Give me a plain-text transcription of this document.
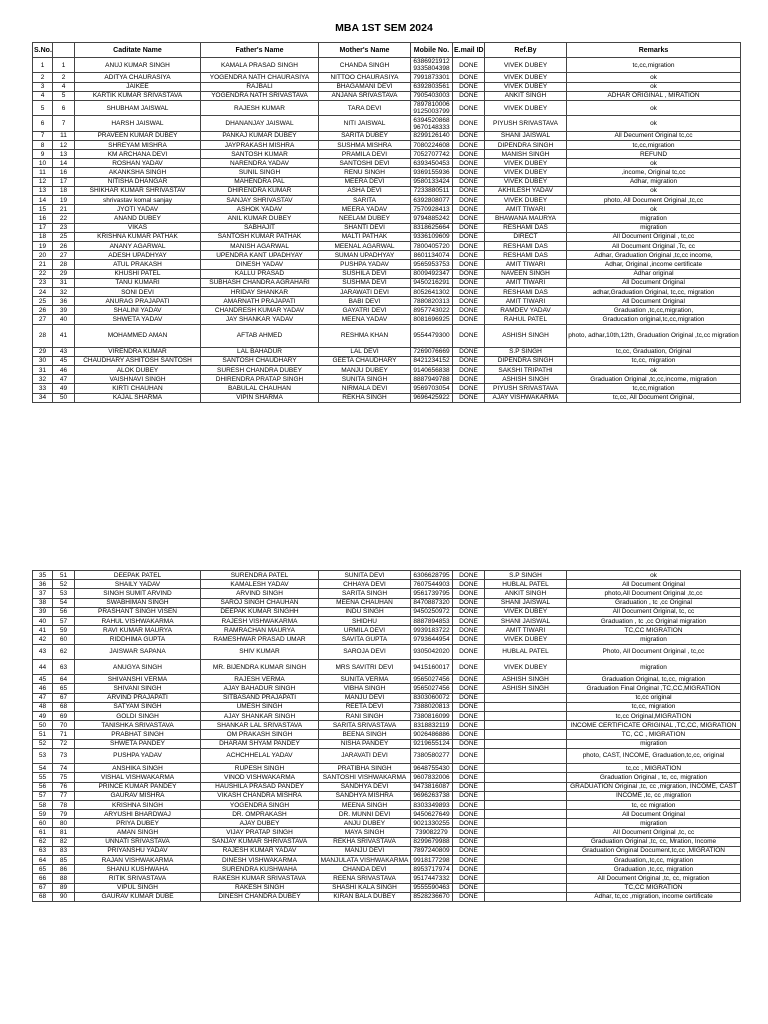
MBA 1ST SEM 2024
S.No.		Caditate Name	Father's Name	Mother's Name	Mobile No.	E.mail ID	Ref.By	Remarks
1	1	ANUJ KUMAR SINGH	KAMALA PRASAD SINGH	CHANDA SINGH	6386921912 9335804398	DONE	VIVEK DUBEY	tc,cc,migration
2	2	ADITYA CHAURASIYA	YOGENDRA NATH CHAURASIYA	NITTOO CHAURASIYA	7991873301	DONE	VIVEK DUBEY	ok
3	4	JAIKEE	RAJBALI	BHAGAMANI DEVI	6392803561	DONE	VIVEK DUBEY	ok
4	5	KARTIK KUMAR SRIVASTAVA	YOGENDRA NATH SRIVASTAVA	ANJANA SRIVASTAVA	7905403003	DONE	ANKIT SINGH	ADHAR ORIGINAL , MIRATION
5	6	SHUBHAM JAISWAL	RAJESH KUMAR	TARA DEVI	7897810006 9125003799	DONE	VIVEK DUBEY	ok
6	7	HARSH JAISWAL	DHANANJAY JAISWAL	NITI JAISWAL	6394520868 9670148333	DONE	PIYUSH SRIVASTAVA	ok
7	11	PRAVEEN KUMAR DUBEY	PANKAJ KUMAR DUBEY	SARITA DUBEY	8299126140	DONE	SHANI JAISWAL	All Decument Original tc,cc
8	12	SHREYAM MISHRA	JAYPRAKASH MISHRA	SUSHMA MISHRA	7080224608	DONE	DIPENDRA SINGH	tc,cc,migration
9	13	KM ARCHANA DEVI	SANTOSH KUMAR	PRAMILA DEVI	7052707742	DONE	MANISH SINGH	REFUND
10	14	ROSHAN YADAV	NARENDRA YADAV	SANTOSHI DEVI	6393450453	DONE	VIVEK DUBEY	ok
11	16	AKANKSHA SINGH	SUNIL SINGH	RENU SINGH	9369155936	DONE	VIVEK DUBEY	,income, Original tc,cc
12	17	NITISHA DHANGAR	MAHENDRA PAL	MEERA DEVI	9580133424	DONE	VIVEK DUBEY	Adhar, migration
13	18	SHIKHAR KUMAR SHRIVASTAV	DHIRENDRA KUMAR	ASHA DEVI	7233880511	DONE	AKHILESH YADAV	ok
14	19	shrivastav komal sanjay	SANJAY SHRIVASTAV	SARITA	6392808077	DONE	VIVEK DUBEY	photo, All Document Original ,tc,cc
15	21	JYOTI YADAV	ASHOK YADAV	MEERA YADAV	7570928413	DONE	AMIT TIWARI	ok
16	22	ANAND DUBEY	ANIL KUMAR DUBEY	NEELAM DUBEY	9794885242	DONE	BHAWANA MAURYA	migration
17	23	VIKAS	SABHAJIT	SHANTI DEVI	8318625664	DONE	RESHAMI DAS	migration
18	25	KRISHNA KUMAR PATHAK	SANTOSH KUMAR PATHAK	MALTI PATHAK	9336109609	DONE	DIRECT	All Document Original , tc,cc
19	26	ANANY AGARWAL	MANISH AGARWAL	MEENAL AGARWAL	7800405720	DONE	RESHAMI DAS	All Document Original ,Tc, cc
20	27	ADESH UPADHYAY	UPENDRA KANT UPADHYAY	SUMAN UPADHYAY	8601134074	DONE	RESHAMI DAS	Adhar, Graduation Original ,tc,cc income,
21	28	ATUL PRAKASH	DINESH YADAV	PUSHPA YADAV	9565953753	DONE	AMIT TIWARI	Adhar, Original ,income certificate
22	29	KHUSHI PATEL	KALLU PRASAD	SUSHILA DEVI	8009492347	DONE	NAVEEN SINGH	Adhar original
23	31	TANU KUMARI	SUBHASH CHANDRA AGRAHARI	SUSHMA DEVI	9450216291	DONE	AMIT TIWARI	All Document Original
24	32	SONI DEVI	HRIDAY SHANKAR	JARAWATI DEVI	8052641302	DONE	RESHAMI DAS	adhar,Graduation Original, tc,cc, migration
25	36	ANURAG PRAJAPATI	AMARNATH PRAJAPATI	BABI DEVI	7880820313	DONE	AMIT TIWARI	All Document Original
26	39	SHALINI YADAV	CHANDRESH KUMAR YADAV	GAYATRI DEVI	8957743022	DONE	RAMDEV YADAV	Graduation ,tc,cc,migration,
27	40	SHWETA YADAV	JAY SHANKAR YADAV	MEENA YADAV	8081696925	DONE	RAHUL PATEL	Graducation original,tc,cc,migration
28	41	MOHAMMED AMAN	AFTAB AHMED	RESHMA KHAN	9554479300	DONE	ASHISH SINGH	photo, adhar,10th,12th, Graduation Original ,tc,cc migration
29	43	VIRENDRA KUMAR	LAL BAHADUR	LAL DEVI	7269076669	DONE	S.P SINGH	tc,cc, Graduation, Original
30	45	CHAUDHARY ASHITOSH SANTOSH	SANTOSH CHAUDHARY	GEETA CHAUDHARY	8421234152	DONE	DIPENDRA SINGH	tc,cc, migration
31	46	ALOK DUBEY	SURESH CHANDRA DUBEY	MANJU DUBEY	9140656838	DONE	SAKSHI TRIPATHI	ok
32	47	VAISHNAVI SINGH	DHIRENDRA PRATAP SINGH	SUNITA SINGH	8887949788	DONE	ASHISH SINGH	Graduation Original ,tc,cc,income, migration
33	49	KIRTI CHAUHAN	BABULAL CHAUHAN	NIRMALA DEVI	9569703054	DONE	PIYUSH SRIVASTAVA	tc,cc,migration
34	50	KAJAL SHARMA	VIPIN SHARMA	REKHA SINGH	9696425922	DONE	AJAY VISHWAKARMA	tc,cc, All Document Original,
35	51	DEEPAK PATEL	SURENDRA PATEL	SUNITA DEVI	6306628795	DONE	S.P SINGH	ok
36	52	SHAILY YADAV	KAMALESH YADAV	CHHAYA DEVI	7607544903	DONE	HUBLAL PATEL	All Document Original
37	53	SINGH SUMIT ARVIND	ARVIND SINGH	SARITA SINGH	9561739795	DONE	ANKIT SINGH	photo,All Document Original ,tc,cc
38	54	SWABHIMAN SINGH	SAROJ SINGH CHAUHAN	MEENA CHAUHAN	8470887320	DONE	SHANI JAISWAL	Graduation , tc ,cc Original
39	56	PRASHANT SINGH VISEN	DEEPAK KUMAR SINGHH	INDU SINGH	9450250972	DONE	VIVEK DUBEY	All Document Original, tc, cc
40	57	RAHUL VISHWAKARMA	RAJESH VISHWAKARMA	SHIDHU	8887894853	DONE	SHANI JAISWAL	Graduation , tc ,cc Original migration
41	59	RAVI KUMAR MAURYA	RAMRACHAN MAURYA	URMILA DEVI	9939183722	DONE	AMIT TIWARI	TC,CC MIGRATION
42	60	RIDDHIMA GUPTA	RAMESHWAR PRASAD UMAR	SAVITA GUPTA	9793644954	DONE	VIVEK DUBEY	migration
43	62	JAISWAR SAPANA	SHIV KUMAR	SAROJA DEVI	9305042020	DONE	HUBLAL PATEL	Photo, All Document Original , tc,cc
44	63	ANUGYA SINGH	MR. BIJENDRA KUMAR SINGH	MRS SAVITRI DEVI	9415160017	DONE	VIVEK DUBEY	migration
45	64	SHIVANSHI VERMA	RAJESH VERMA	SUNITA VERMA	9565027456	DONE	ASHISH SINGH	Graduation Original, tc,cc, migration
46	65	SHIVANI SINGH	AJAY BAHADUR SINGH	VIBHA SINGH	9565027456	DONE	ASHISH SINGH	Graduation Final Original ,TC,CC,MIGRATION
47	67	ARVIND PRAJAPATI	SITBASAND PRAJAPATI	MANJU DEVI	8303060072	DONE		tc,cc original
48	68	SATYAM SINGH	UMESH SINGH	REETA DEVI	7388020813	DONE		tc,cc, migration
49	69	GOLDI SINGH	AJAY SHANKAR SINGH	RANI SINGH	7380816099	DONE		tc,cc Original,MIGRATION
50	70	TANISHKA SRIVASTAVA	SHANKAR LAL SRIVASTAVA	SARITA SRIVASTAVA	8318832119	DONE		INCOME CERTIFICATE ORIGINAL ,TC,CC, MIGRATION
51	71	PRABHAT SINGH	OM PRAKASH SINGH	BEENA SINGH	9026486886	DONE		TC, CC , MIGRATION
52	72	SHWETA PANDEY	DHARAM SHYAM PANDEY	NISHA PANDEY	9219655124	DONE		migration
53	73	PUSHPA YADAV	ACHCHHELAL YADAV	JARAVATI DEVI	7380580277	DONE		photo, CAST, INCOME, Graduation,tc,cc, original
54	74	ANSHIKA SINGH	RUPESH SINGH	PRATIBHA SINGH	9648755430	DONE		tc,cc , MIGRATION
55	75	VISHAL VISHWAKARMA	VINOD VISHWAKARMA	SANTOSHI VISHWAKARMA	9607832006	DONE		Graduation Original , tc, cc, migration
56	76	PRINCE KUMAR PANDEY	HAUSHILA PRASAD PANDEY	SANDHYA DEVI	9473816087	DONE		GRADUATION Original ,tc, cc ,migration, INCOME, CAST
57	77	GAURAV MISHRA	VIKASH CHANDRA MISHRA	SANDHYA MISHRA	9696263738	DONE		INCOME ,tc, cc ,migration
58	78	KRISHNA SINGH	YOGENDRA SINGH	MEENA SINGH	8303349893	DONE		tc, cc migration
59	79	ARYUSHI BHARDWAJ	DR. OMPRAKASH	DR. MUNNI DEVI	9450627649	DONE		All Document Original
60	80	PRIYA DUBEY	AJAY DUBEY	ANJU DUBEY	9021330255	DONE		migration
61	81	AMAN SINGH	VIJAY PRATAP SINGH	MAYA SINGH	739082279	DONE		All Document Original ,tc, cc
62	82	UNNATI SRIVASTAVA	SANJAY KUMAR SHRIVASTAVA	REKHA SRIVASTAVA	8299679988	DONE		Graduation Original ,tc, cc, Mration, Income
63	83	PRIYANSHU YADAV	RAJESH KUMAR YADAV	MANJU DEVI	7897240809	DONE		Graduation Original Document,tc,cc ,MIGRATION
64	85	RAJAN VISHWAKARMA	DINESH VISHWAKARMA	MANJULATA VISHWAKARMA	9918177298	DONE		Graduation,,tc,cc, migration
65	86	SHANU KUSHWAHA	SURENDRA KUSHWAHA	CHANDA DEVI	8953717974	DONE		Graduation ,tc,cc, migration
66	88	RITIK SRIVASTAVA	RAKESH KUMAR SRIVASTAVA	REENA SRIVASTAVA	9517447332	DONE		All Document Original ,tc, cc, migration
67	89	VIPUL SINGH	RAKESH SINGH	SHASHI KALA SINGH	9555590463	DONE		TC,CC MIGRATION
68	90	GAURAV KUMAR DUBE	DINESH CHANDRA DUBEY	KIRAN BALA DUBEY	8528236670	DONE		Adhar, tc,cc ,migration, income certificate
